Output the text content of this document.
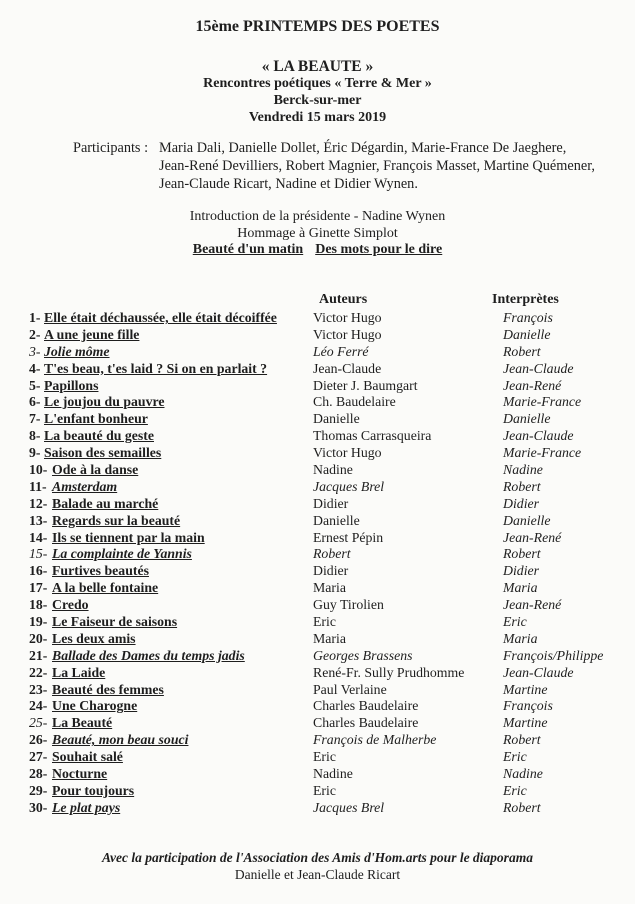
15ème PRINTEMPS DES POETES
« LA BEAUTE »
Rencontres poétiques « Terre & Mer »
Berck-sur-mer
Vendredi 15 mars 2019
Participants : Maria Dali, Danielle Dollet, Éric Dégardin, Marie-France De Jaeghere,
Jean-René Devilliers, Robert Magnier, François Masset, Martine Quémener,
Jean-Claude Ricart, Nadine et Didier Wynen.
Introduction de la présidente - Nadine Wynen
Hommage à Ginette Simplot
Beauté d'un matin Des mots pour le dire
Auteurs	Interprètes
1- Elle était déchaussée, elle était décoiffée	Victor Hugo	François
2- A une jeune fille	Victor Hugo	Danielle
3- Jolie môme	Léo Ferré	Robert
4- T'es beau, t'es laid ? Si on en parlait ?	Jean-Claude	Jean-Claude
5- Papillons	Dieter J. Baumgart	Jean-René
6- Le joujou du pauvre	Ch. Baudelaire	Marie-France
7- L'enfant bonheur	Danielle	Danielle
8- La beauté du geste	Thomas Carrasqueira	Jean-Claude
9- Saison des semailles	Victor Hugo	Marie-France
10- Ode à la danse	Nadine	Nadine
11- Amsterdam	Jacques Brel	Robert
12- Balade au marché	Didier	Didier
13- Regards sur la beauté	Danielle	Danielle
14- Ils se tiennent par la main	Ernest Pépin	Jean-René
15- La complainte de Yannis	Robert	Robert
16- Furtives beautés	Didier	Didier
17- A la belle fontaine	Maria	Maria
18- Credo	Guy Tirolien	Jean-René
19- Le Faiseur de saisons	Eric	Eric
20- Les deux amis	Maria	Maria
21- Ballade des Dames du temps jadis	Georges Brassens	François/Philippe
22- La Laide	René-Fr. Sully Prudhomme	Jean-Claude
23- Beauté des femmes	Paul Verlaine	Martine
24- Une Charogne	Charles Baudelaire	François
25- La Beauté	Charles Baudelaire	Martine
26- Beauté, mon beau souci	François de Malherbe	Robert
27- Souhait salé	Eric	Eric
28- Nocturne	Nadine	Nadine
29- Pour toujours	Eric	Eric
30- Le plat pays	Jacques Brel	Robert
Avec la participation de l'Association des Amis d'Hom.arts pour le diaporama
Danielle et Jean-Claude Ricart
